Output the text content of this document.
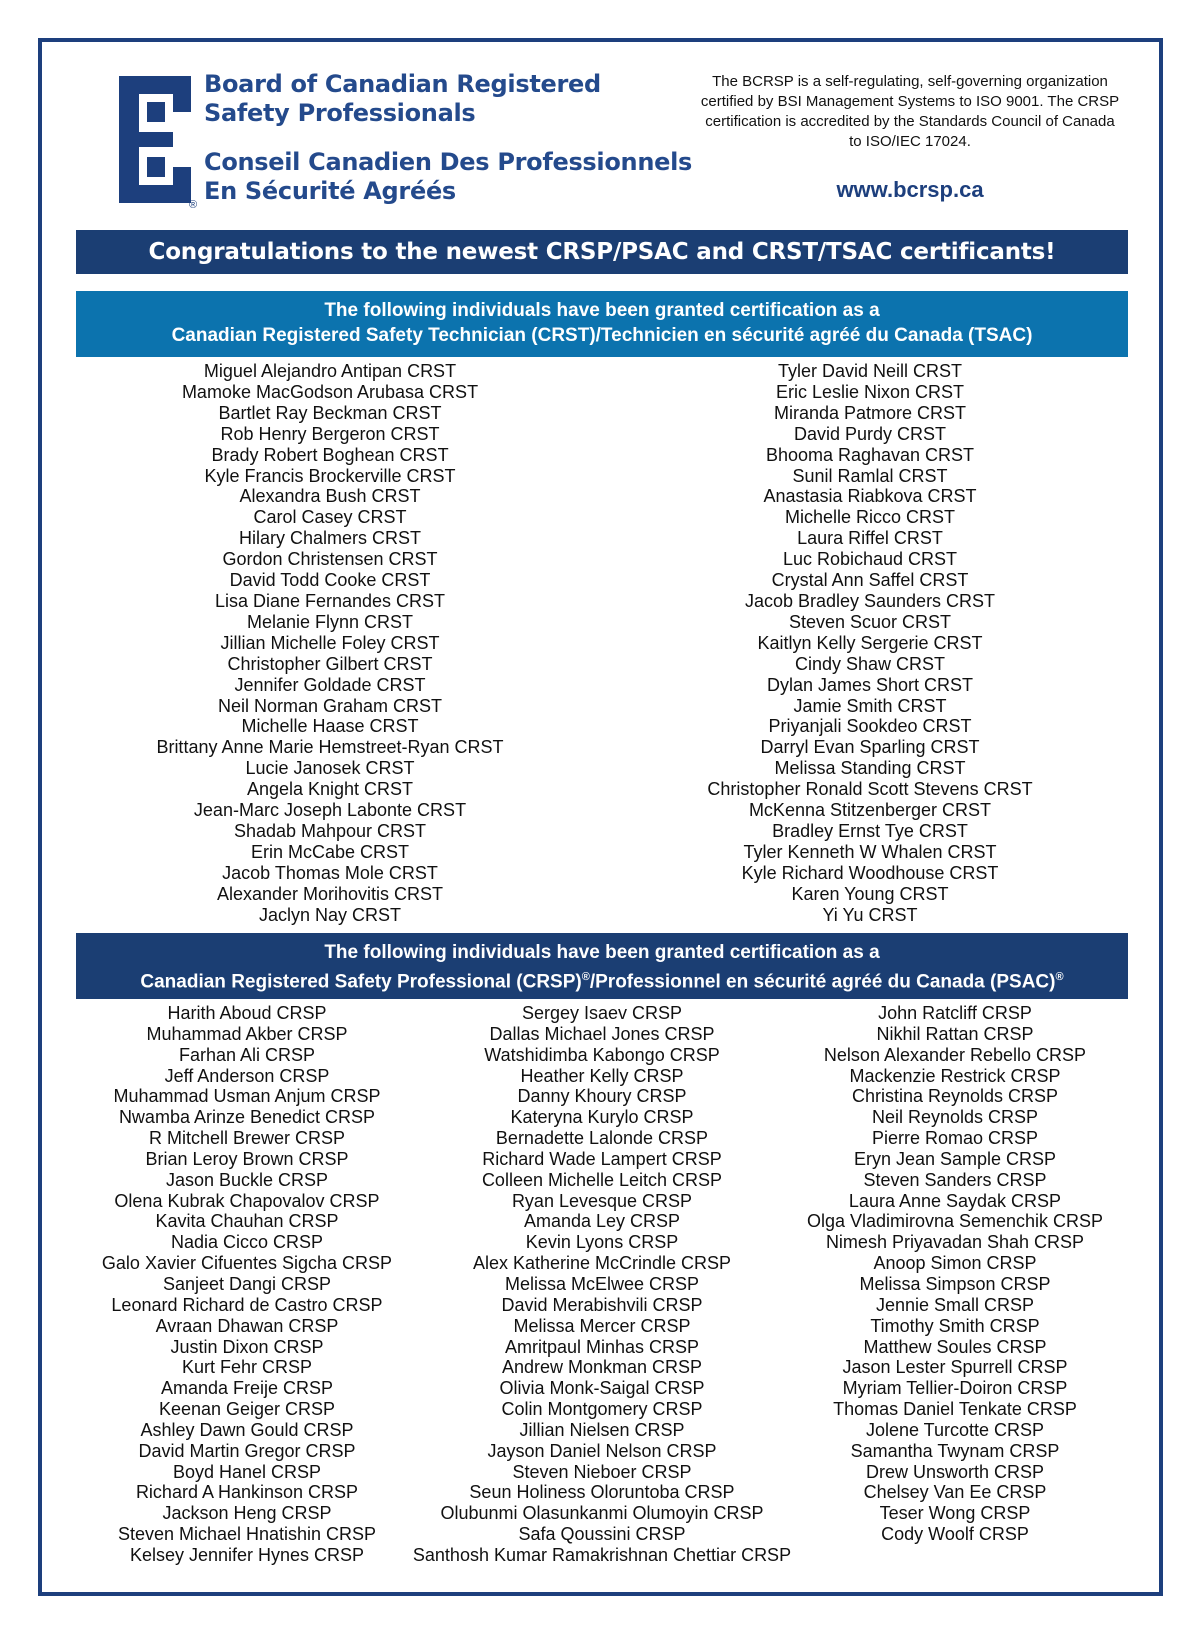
®
Board of Canadian Registered
Safety Professionals
Conseil Canadien Des Professionnels
En Sécurité Agréés
The BCRSP is a self-regulating, self-governing organization certified by BSI Management Systems to ISO 9001. The CRSP certification is accredited by the Standards Council of Canada to ISO/IEC 17024.
www.bcrsp.ca
Congratulations to the newest CRSP/PSAC and CRST/TSAC certificants!
The following individuals have been granted certification as a
Canadian Registered Safety Technician (CRST)/Technicien en sécurité agréé du Canada (TSAC)
Miguel Alejandro Antipan CRST
Mamoke MacGodson Arubasa CRST
Bartlet Ray Beckman CRST
Rob Henry Bergeron CRST
Brady Robert Boghean CRST
Kyle Francis Brockerville CRST
Alexandra Bush CRST
Carol Casey CRST
Hilary Chalmers CRST
Gordon Christensen CRST
David Todd Cooke CRST
Lisa Diane Fernandes CRST
Melanie Flynn CRST
Jillian Michelle Foley CRST
Christopher Gilbert CRST
Jennifer Goldade CRST
Neil Norman Graham CRST
Michelle Haase CRST
Brittany Anne Marie Hemstreet-Ryan CRST
Lucie Janosek CRST
Angela Knight CRST
Jean-Marc Joseph Labonte CRST
Shadab Mahpour CRST
Erin McCabe CRST
Jacob Thomas Mole CRST
Alexander Morihovitis CRST
Jaclyn Nay CRST
Tyler David Neill CRST
Eric Leslie Nixon CRST
Miranda Patmore CRST
David Purdy CRST
Bhooma Raghavan CRST
Sunil Ramlal CRST
Anastasia Riabkova CRST
Michelle Ricco CRST
Laura Riffel CRST
Luc Robichaud CRST
Crystal Ann Saffel CRST
Jacob Bradley Saunders CRST
Steven Scuor CRST
Kaitlyn Kelly Sergerie CRST
Cindy Shaw CRST
Dylan James Short CRST
Jamie Smith CRST
Priyanjali Sookdeo CRST
Darryl Evan Sparling CRST
Melissa Standing CRST
Christopher Ronald Scott Stevens CRST
McKenna Stitzenberger CRST
Bradley Ernst Tye CRST
Tyler Kenneth W Whalen CRST
Kyle Richard Woodhouse CRST
Karen Young CRST
Yi Yu CRST
The following individuals have been granted certification as a
Canadian Registered Safety Professional (CRSP)®/Professionnel en sécurité agréé du Canada (PSAC)®
Harith Aboud CRSP
Muhammad Akber CRSP
Farhan Ali CRSP
Jeff Anderson CRSP
Muhammad Usman Anjum CRSP
Nwamba Arinze Benedict CRSP
R Mitchell Brewer CRSP
Brian Leroy Brown CRSP
Jason Buckle CRSP
Olena Kubrak Chapovalov CRSP
Kavita Chauhan CRSP
Nadia Cicco CRSP
Galo Xavier Cifuentes Sigcha CRSP
Sanjeet Dangi CRSP
Leonard Richard de Castro CRSP
Avraan Dhawan CRSP
Justin Dixon CRSP
Kurt Fehr CRSP
Amanda Freije CRSP
Keenan Geiger CRSP
Ashley Dawn Gould CRSP
David Martin Gregor CRSP
Boyd Hanel CRSP
Richard A Hankinson CRSP
Jackson Heng CRSP
Steven Michael Hnatishin CRSP
Kelsey Jennifer Hynes CRSP
Sergey Isaev CRSP
Dallas Michael Jones CRSP
Watshidimba Kabongo CRSP
Heather Kelly CRSP
Danny Khoury CRSP
Kateryna Kurylo CRSP
Bernadette Lalonde CRSP
Richard Wade Lampert CRSP
Colleen Michelle Leitch CRSP
Ryan Levesque CRSP
Amanda Ley CRSP
Kevin Lyons CRSP
Alex Katherine McCrindle CRSP
Melissa McElwee CRSP
David Merabishvili CRSP
Melissa Mercer CRSP
Amritpaul Minhas CRSP
Andrew Monkman CRSP
Olivia Monk-Saigal CRSP
Colin Montgomery CRSP
Jillian Nielsen CRSP
Jayson Daniel Nelson CRSP
Steven Nieboer CRSP
Seun Holiness Oloruntoba CRSP
Olubunmi Olasunkanmi Olumoyin CRSP
Safa Qoussini CRSP
Santhosh Kumar Ramakrishnan Chettiar CRSP
John Ratcliff CRSP
Nikhil Rattan CRSP
Nelson Alexander Rebello CRSP
Mackenzie Restrick CRSP
Christina Reynolds CRSP
Neil Reynolds CRSP
Pierre Romao CRSP
Eryn Jean Sample CRSP
Steven Sanders CRSP
Laura Anne Saydak CRSP
Olga Vladimirovna Semenchik CRSP
Nimesh Priyavadan Shah CRSP
Anoop Simon CRSP
Melissa Simpson CRSP
Jennie Small CRSP
Timothy Smith CRSP
Matthew Soules CRSP
Jason Lester Spurrell CRSP
Myriam Tellier-Doiron CRSP
Thomas Daniel Tenkate CRSP
Jolene Turcotte CRSP
Samantha Twynam CRSP
Drew Unsworth CRSP
Chelsey Van Ee CRSP
Teser Wong CRSP
Cody Woolf CRSP
